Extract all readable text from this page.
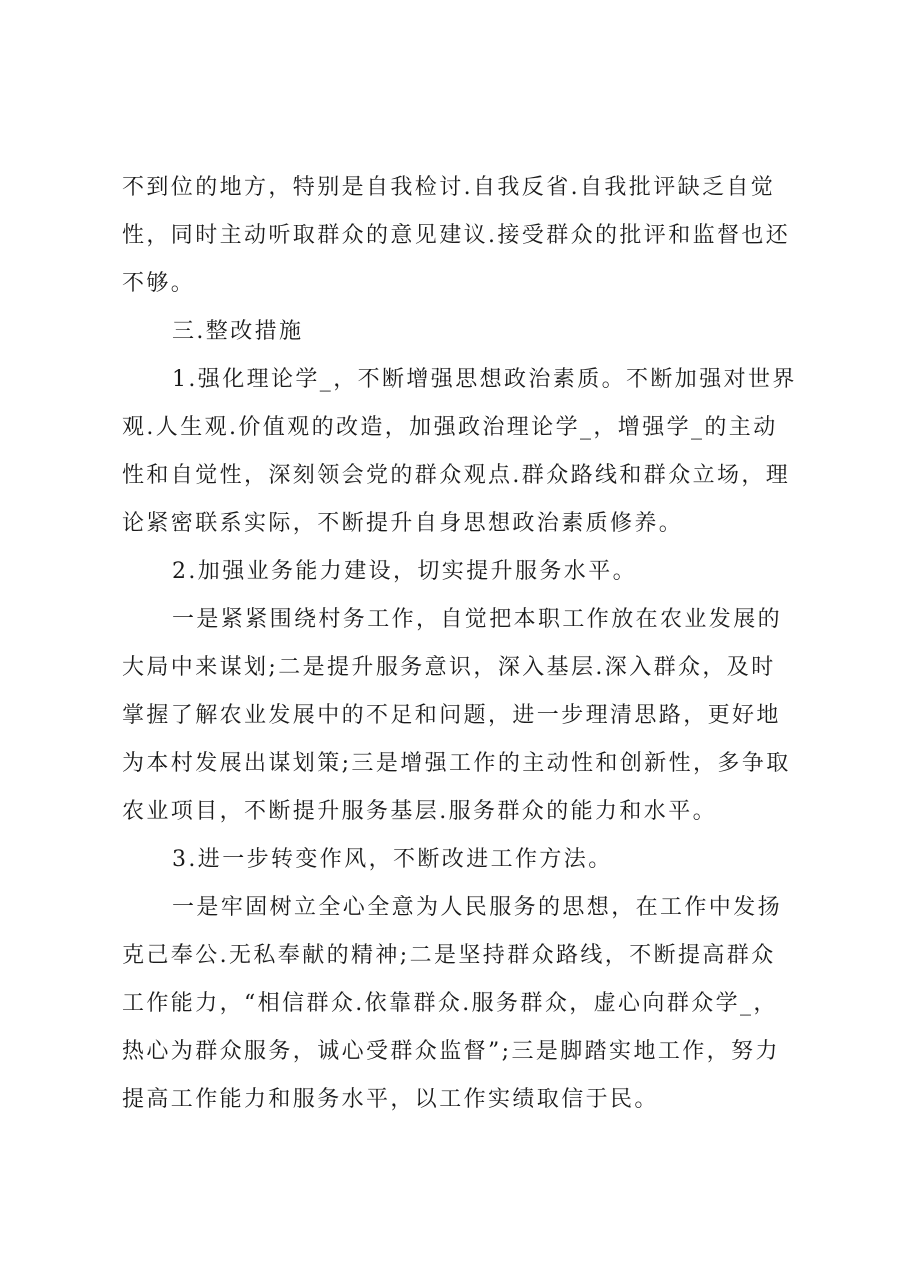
不到位的地方，特别是自我检讨.自我反省.自我批评缺乏自觉
性，同时主动听取群众的意见建议.接受群众的批评和监督也还
不够。
三.整改措施
1.强化理论学_，不断增强思想政治素质。不断加强对世界
观.人生观.价值观的改造，加强政治理论学_，增强学_的主动
性和自觉性，深刻领会党的群众观点.群众路线和群众立场，理
论紧密联系实际，不断提升自身思想政治素质修养。
2.加强业务能力建设，切实提升服务水平。
一是紧紧围绕村务工作，自觉把本职工作放在农业发展的
大局中来谋划;二是提升服务意识，深入基层.深入群众，及时
掌握了解农业发展中的不足和问题，进一步理清思路，更好地
为本村发展出谋划策;三是增强工作的主动性和创新性，多争取
农业项目，不断提升服务基层.服务群众的能力和水平。
3.进一步转变作风，不断改进工作方法。
一是牢固树立全心全意为人民服务的思想，在工作中发扬
克己奉公.无私奉献的精神;二是坚持群众路线，不断提高群众
工作能力，“相信群众.依靠群众.服务群众，虚心向群众学_，
热心为群众服务，诚心受群众监督”;三是脚踏实地工作，努力
提高工作能力和服务水平，以工作实绩取信于民。
